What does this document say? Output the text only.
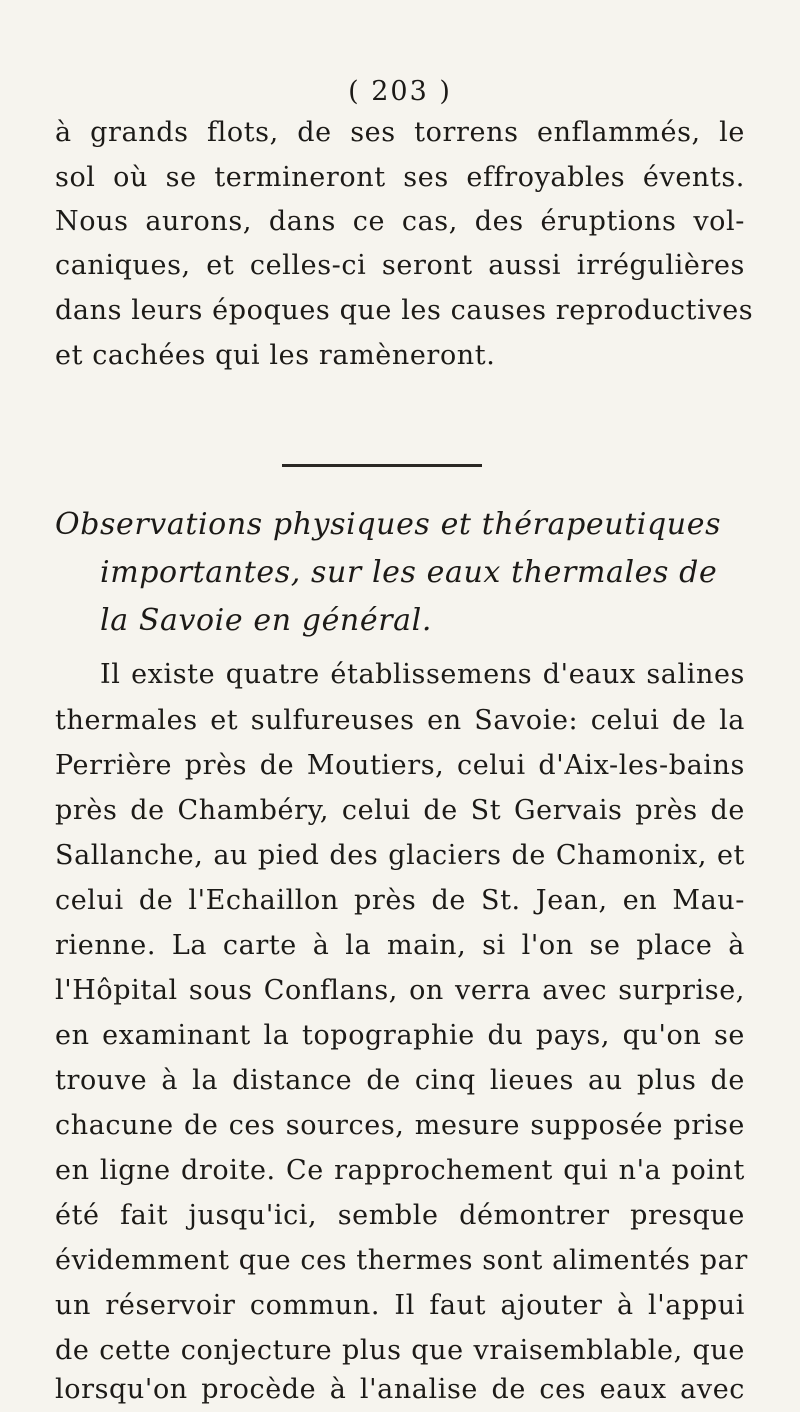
( 203 )
à grands flots, de ses torrens enflammés, le
sol où se termineront ses effroyables évents.
Nous aurons, dans ce cas, des éruptions vol-
caniques, et celles-ci seront aussi irrégulières
dans leurs époques que les causes reproductives
et cachées qui les ramèneront.
Observations physiques et thérapeutiques
importantes, sur les eaux thermales de
la Savoie en général.
Il existe quatre établissemens d'eaux salines
thermales et sulfureuses en Savoie: celui de la
Perrière près de Moutiers, celui d'Aix-les-bains
près de Chambéry, celui de St Gervais près de
Sallanche, au pied des glaciers de Chamonix, et
celui de l'Echaillon près de St. Jean, en Mau-
rienne. La carte à la main, si l'on se place à
l'Hôpital sous Conflans, on verra avec surprise,
en examinant la topographie du pays, qu'on se
trouve à la distance de cinq lieues au plus de
chacune de ces sources, mesure supposée prise
en ligne droite. Ce rapprochement qui n'a point
été fait jusqu'ici, semble démontrer presque
évidemment que ces thermes sont alimentés par
un réservoir commun. Il faut ajouter à l'appui
de cette conjecture plus que vraisemblable, que
lorsqu'on procède à l'analise de ces eaux avec
